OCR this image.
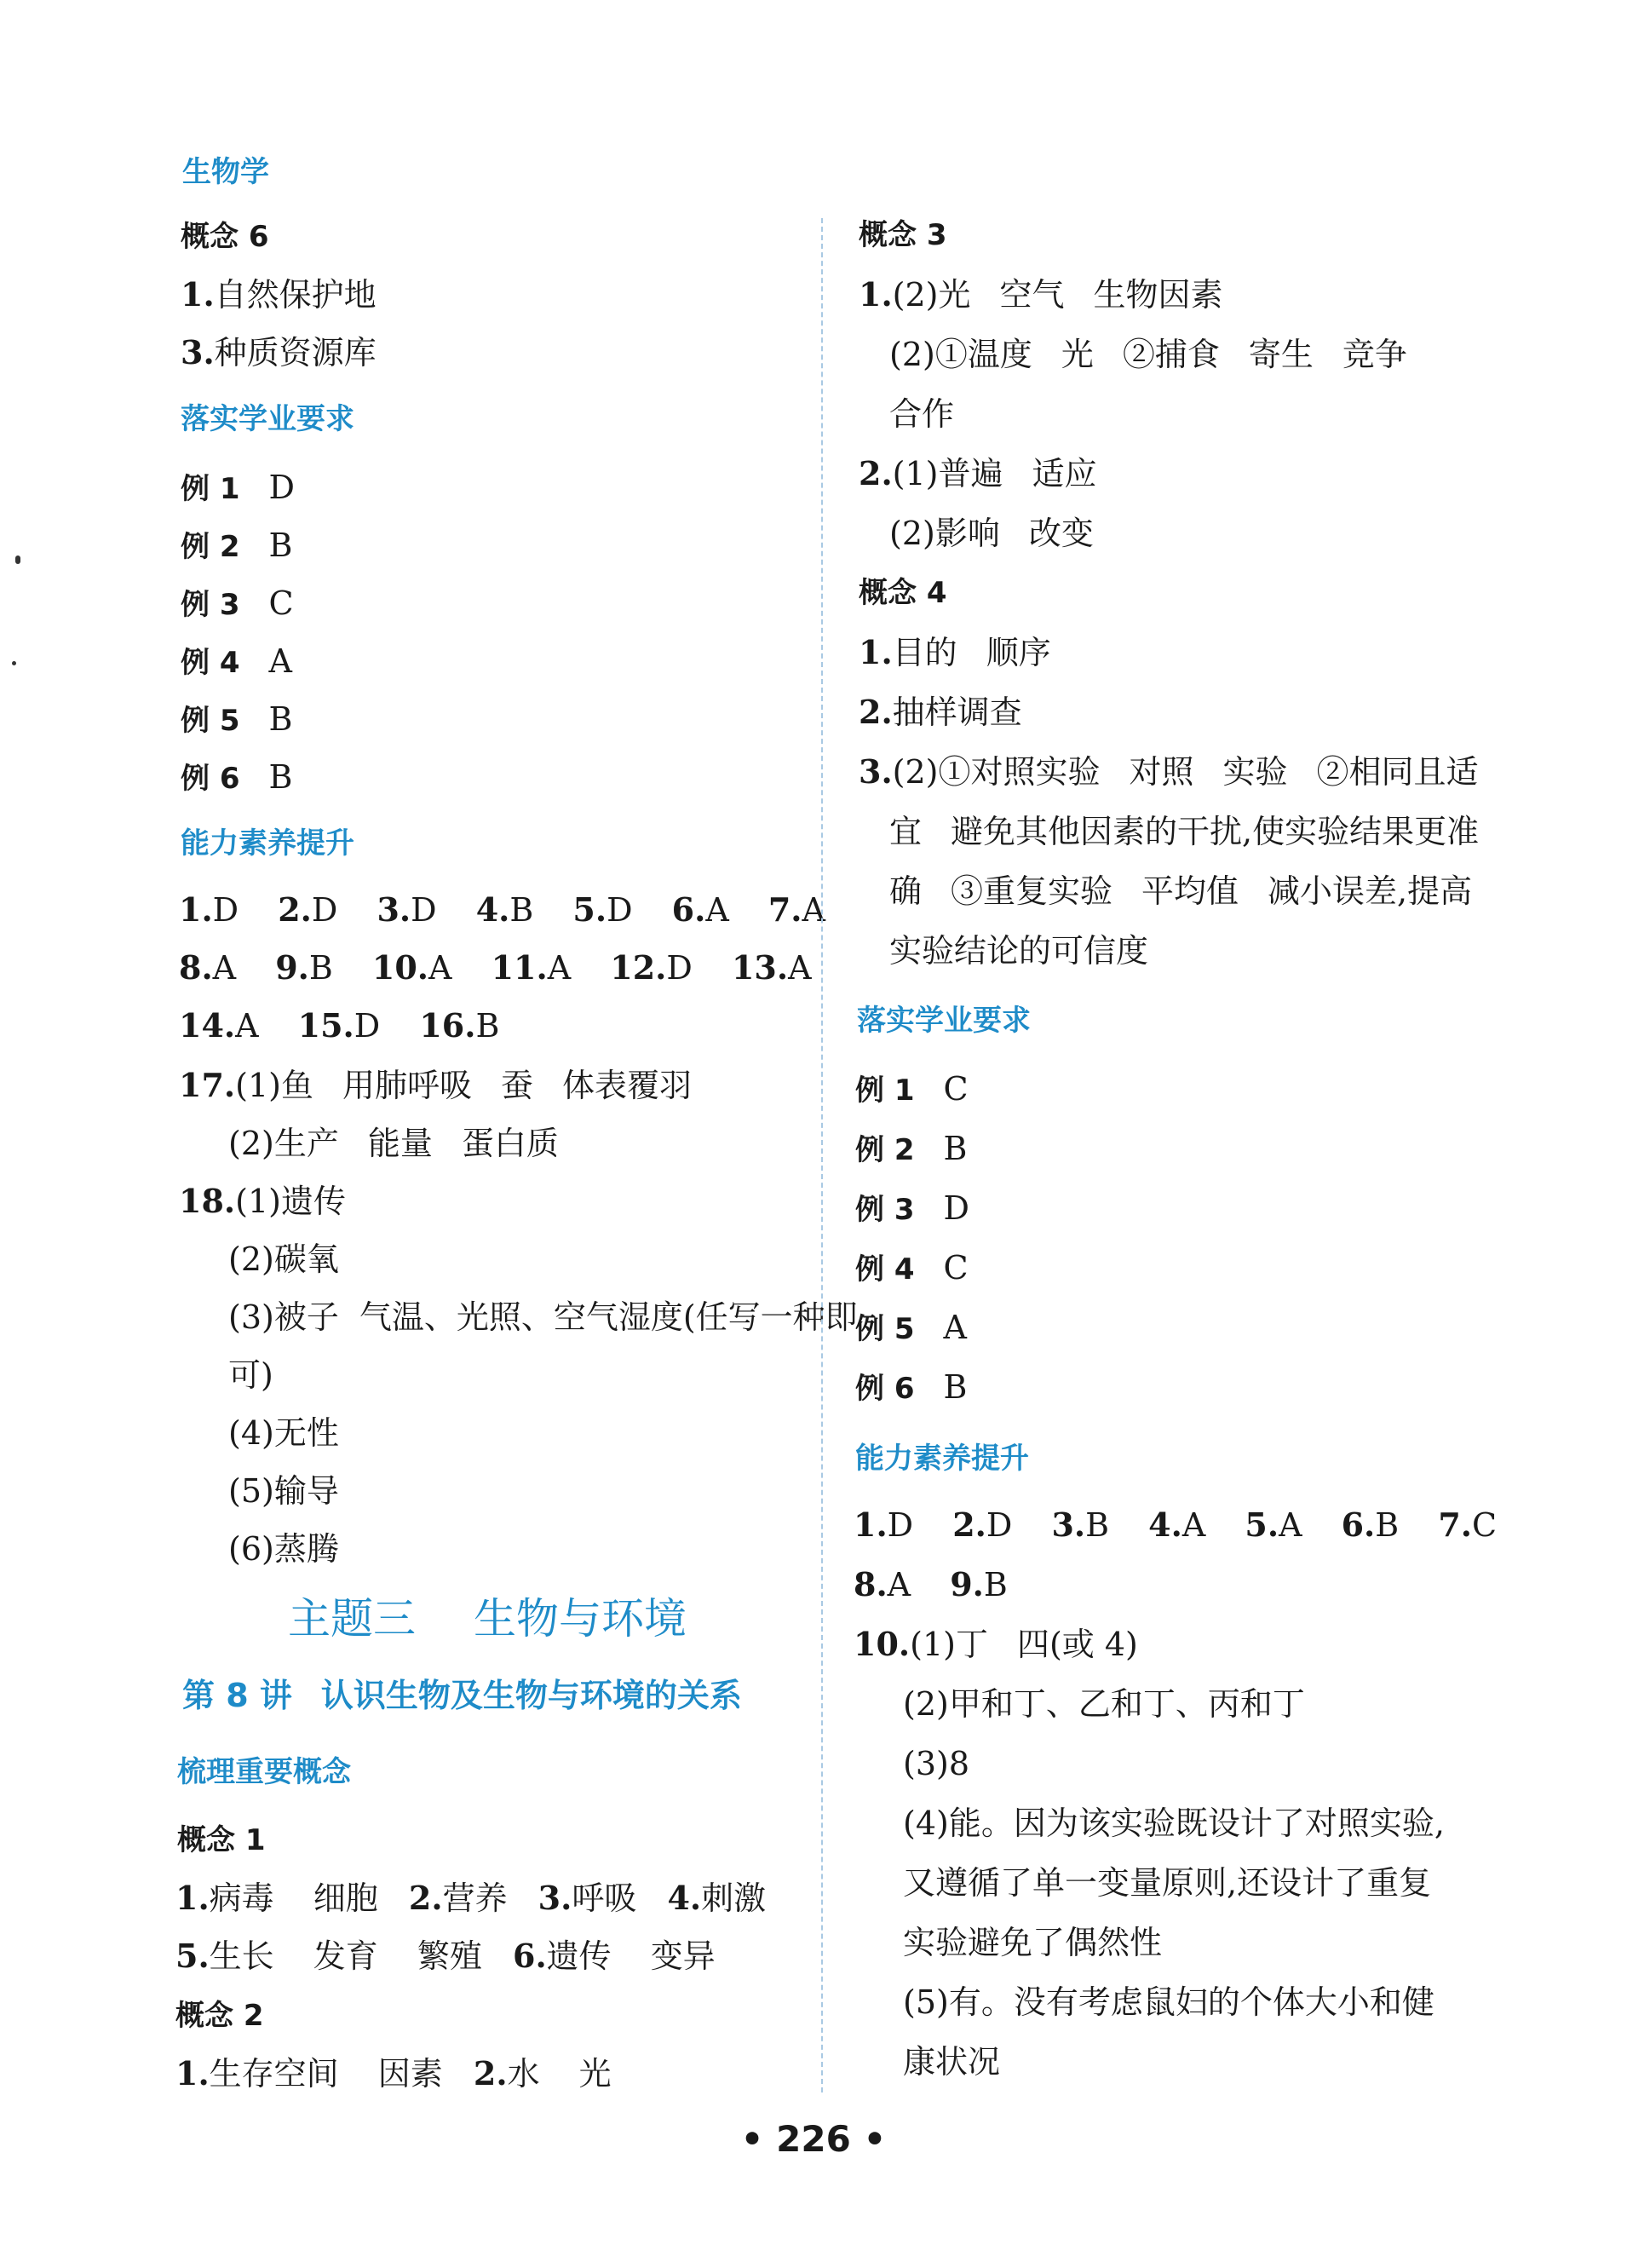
生物学
概念 6
1.自然保护地
3.种质资源库
落实学业要求
例 1 D
例 2 B
例 3 C
例 4 A
例 5 B
例 6 B
能力素养提升
1.D 2.D 3.D 4.B 5.D 6.A 7.A
8.A 9.B 10.A 11.A 12.D 13.A
14.A 15.D 16.B
17.(1)鱼 用肺呼吸 蚕 体表覆羽
(2)生产 能量 蛋白质
18.(1)遗传
(2)碳氧
(3)被子 气温、光照、空气湿度(任写一种即
可)
(4)无性
(5)输导
(6)蒸腾
主题三 生物与环境
第 8 讲 认识生物及生物与环境的关系
梳理重要概念
概念 1
1.病毒 细胞 2.营养 3.呼吸 4.刺激
5.生长 发育 繁殖 6.遗传 变异
概念 2
1.生存空间 因素 2.水 光
概念 3
1.(2)光 空气 生物因素
(2)①温度 光 ②捕食 寄生 竞争
合作
2.(1)普遍 适应
(2)影响 改变
概念 4
1.目的 顺序
2.抽样调查
3.(2)①对照实验 对照 实验 ②相同且适
宜 避免其他因素的干扰,使实验结果更准
确 ③重复实验 平均值 减小误差,提高
实验结论的可信度
落实学业要求
例 1 C
例 2 B
例 3 D
例 4 C
例 5 A
例 6 B
能力素养提升
1.D 2.D 3.B 4.A 5.A 6.B 7.C
8.A 9.B
10.(1)丁 四(或 4)
(2)甲和丁、乙和丁、丙和丁
(3)8
(4)能。因为该实验既设计了对照实验,
又遵循了单一变量原则,还设计了重复
实验避免了偶然性
(5)有。没有考虑鼠妇的个体大小和健
康状况
• 226 •
